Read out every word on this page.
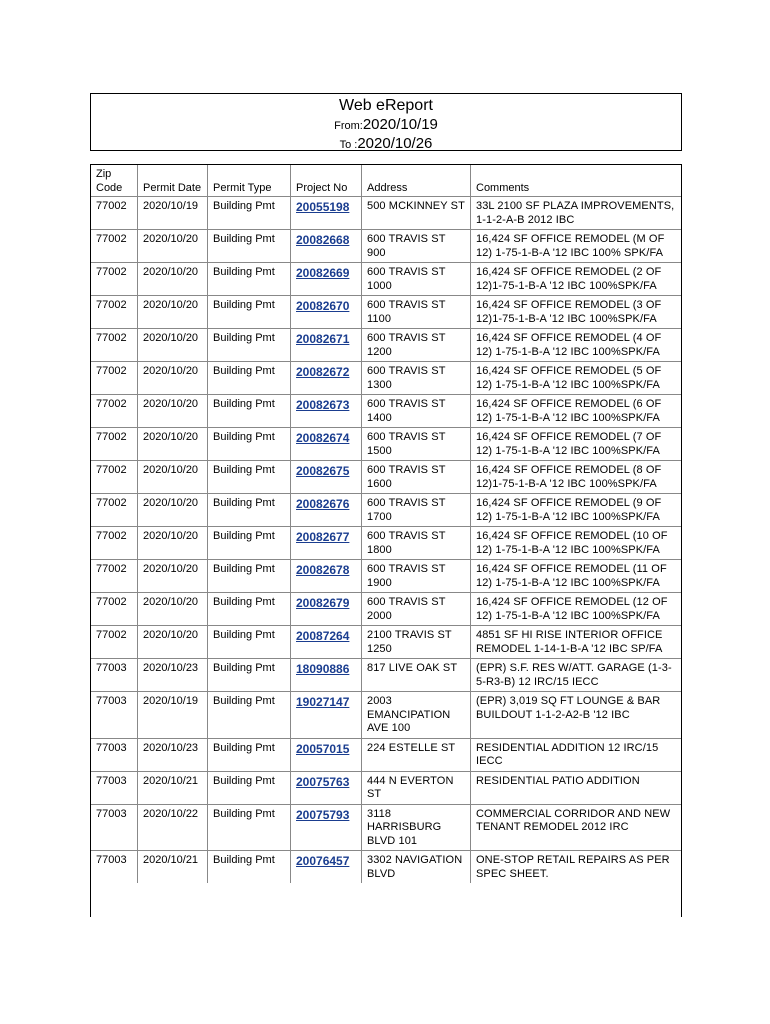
Web eReport
From:2020/10/19
To :2020/10/26
Zip Code	Permit Date	Permit Type	Project No	Address	Comments
77002	2020/10/19	Building Pmt	20055198	500 MCKINNEY ST	33L 2100 SF PLAZA IMPROVEMENTS, 1-1-2-A-B 2012 IBC
77002	2020/10/20	Building Pmt	20082668	600 TRAVIS ST 900	16,424 SF OFFICE REMODEL (M OF 12) 1-75-1-B-A '12 IBC 100% SPK/FA
77002	2020/10/20	Building Pmt	20082669	600 TRAVIS ST 1000	16,424 SF OFFICE REMODEL (2 OF 12)1-75-1-B-A '12 IBC 100%SPK/FA
77002	2020/10/20	Building Pmt	20082670	600 TRAVIS ST 1100	16,424 SF OFFICE REMODEL (3 OF 12)1-75-1-B-A '12 IBC 100%SPK/FA
77002	2020/10/20	Building Pmt	20082671	600 TRAVIS ST 1200	16,424 SF OFFICE REMODEL (4 OF 12) 1-75-1-B-A '12 IBC 100%SPK/FA
77002	2020/10/20	Building Pmt	20082672	600 TRAVIS ST 1300	16,424 SF OFFICE REMODEL (5 OF 12) 1-75-1-B-A '12 IBC 100%SPK/FA
77002	2020/10/20	Building Pmt	20082673	600 TRAVIS ST 1400	16,424 SF OFFICE REMODEL (6 OF 12) 1-75-1-B-A '12 IBC 100%SPK/FA
77002	2020/10/20	Building Pmt	20082674	600 TRAVIS ST 1500	16,424 SF OFFICE REMODEL (7 OF 12) 1-75-1-B-A '12 IBC 100%SPK/FA
77002	2020/10/20	Building Pmt	20082675	600 TRAVIS ST 1600	16,424 SF OFFICE REMODEL (8 OF 12)1-75-1-B-A '12 IBC 100%SPK/FA
77002	2020/10/20	Building Pmt	20082676	600 TRAVIS ST 1700	16,424 SF OFFICE REMODEL (9 OF 12) 1-75-1-B-A '12 IBC 100%SPK/FA
77002	2020/10/20	Building Pmt	20082677	600 TRAVIS ST 1800	16,424 SF OFFICE REMODEL (10 OF 12) 1-75-1-B-A '12 IBC 100%SPK/FA
77002	2020/10/20	Building Pmt	20082678	600 TRAVIS ST 1900	16,424 SF OFFICE REMODEL (11 OF 12) 1-75-1-B-A '12 IBC 100%SPK/FA
77002	2020/10/20	Building Pmt	20082679	600 TRAVIS ST 2000	16,424 SF OFFICE REMODEL (12 OF 12) 1-75-1-B-A '12 IBC 100%SPK/FA
77002	2020/10/20	Building Pmt	20087264	2100 TRAVIS ST 1250	4851 SF HI RISE INTERIOR OFFICE REMODEL 1-14-1-B-A '12 IBC SP/FA
77003	2020/10/23	Building Pmt	18090886	817 LIVE OAK ST	(EPR) S.F. RES W/ATT. GARAGE (1-3-5-R3-B) 12 IRC/15 IECC
77003	2020/10/19	Building Pmt	19027147	2003 EMANCIPATION AVE 100	(EPR) 3,019 SQ FT LOUNGE & BAR BUILDOUT 1-1-2-A2-B '12 IBC
77003	2020/10/23	Building Pmt	20057015	224 ESTELLE ST	RESIDENTIAL ADDITION 12 IRC/15 IECC
77003	2020/10/21	Building Pmt	20075763	444 N EVERTON ST	RESIDENTIAL PATIO ADDITION
77003	2020/10/22	Building Pmt	20075793	3118 HARRISBURG BLVD 101	COMMERCIAL CORRIDOR AND NEW TENANT REMODEL 2012 IRC
77003	2020/10/21	Building Pmt	20076457	3302 NAVIGATION BLVD	ONE-STOP RETAIL REPAIRS AS PER SPEC SHEET.
